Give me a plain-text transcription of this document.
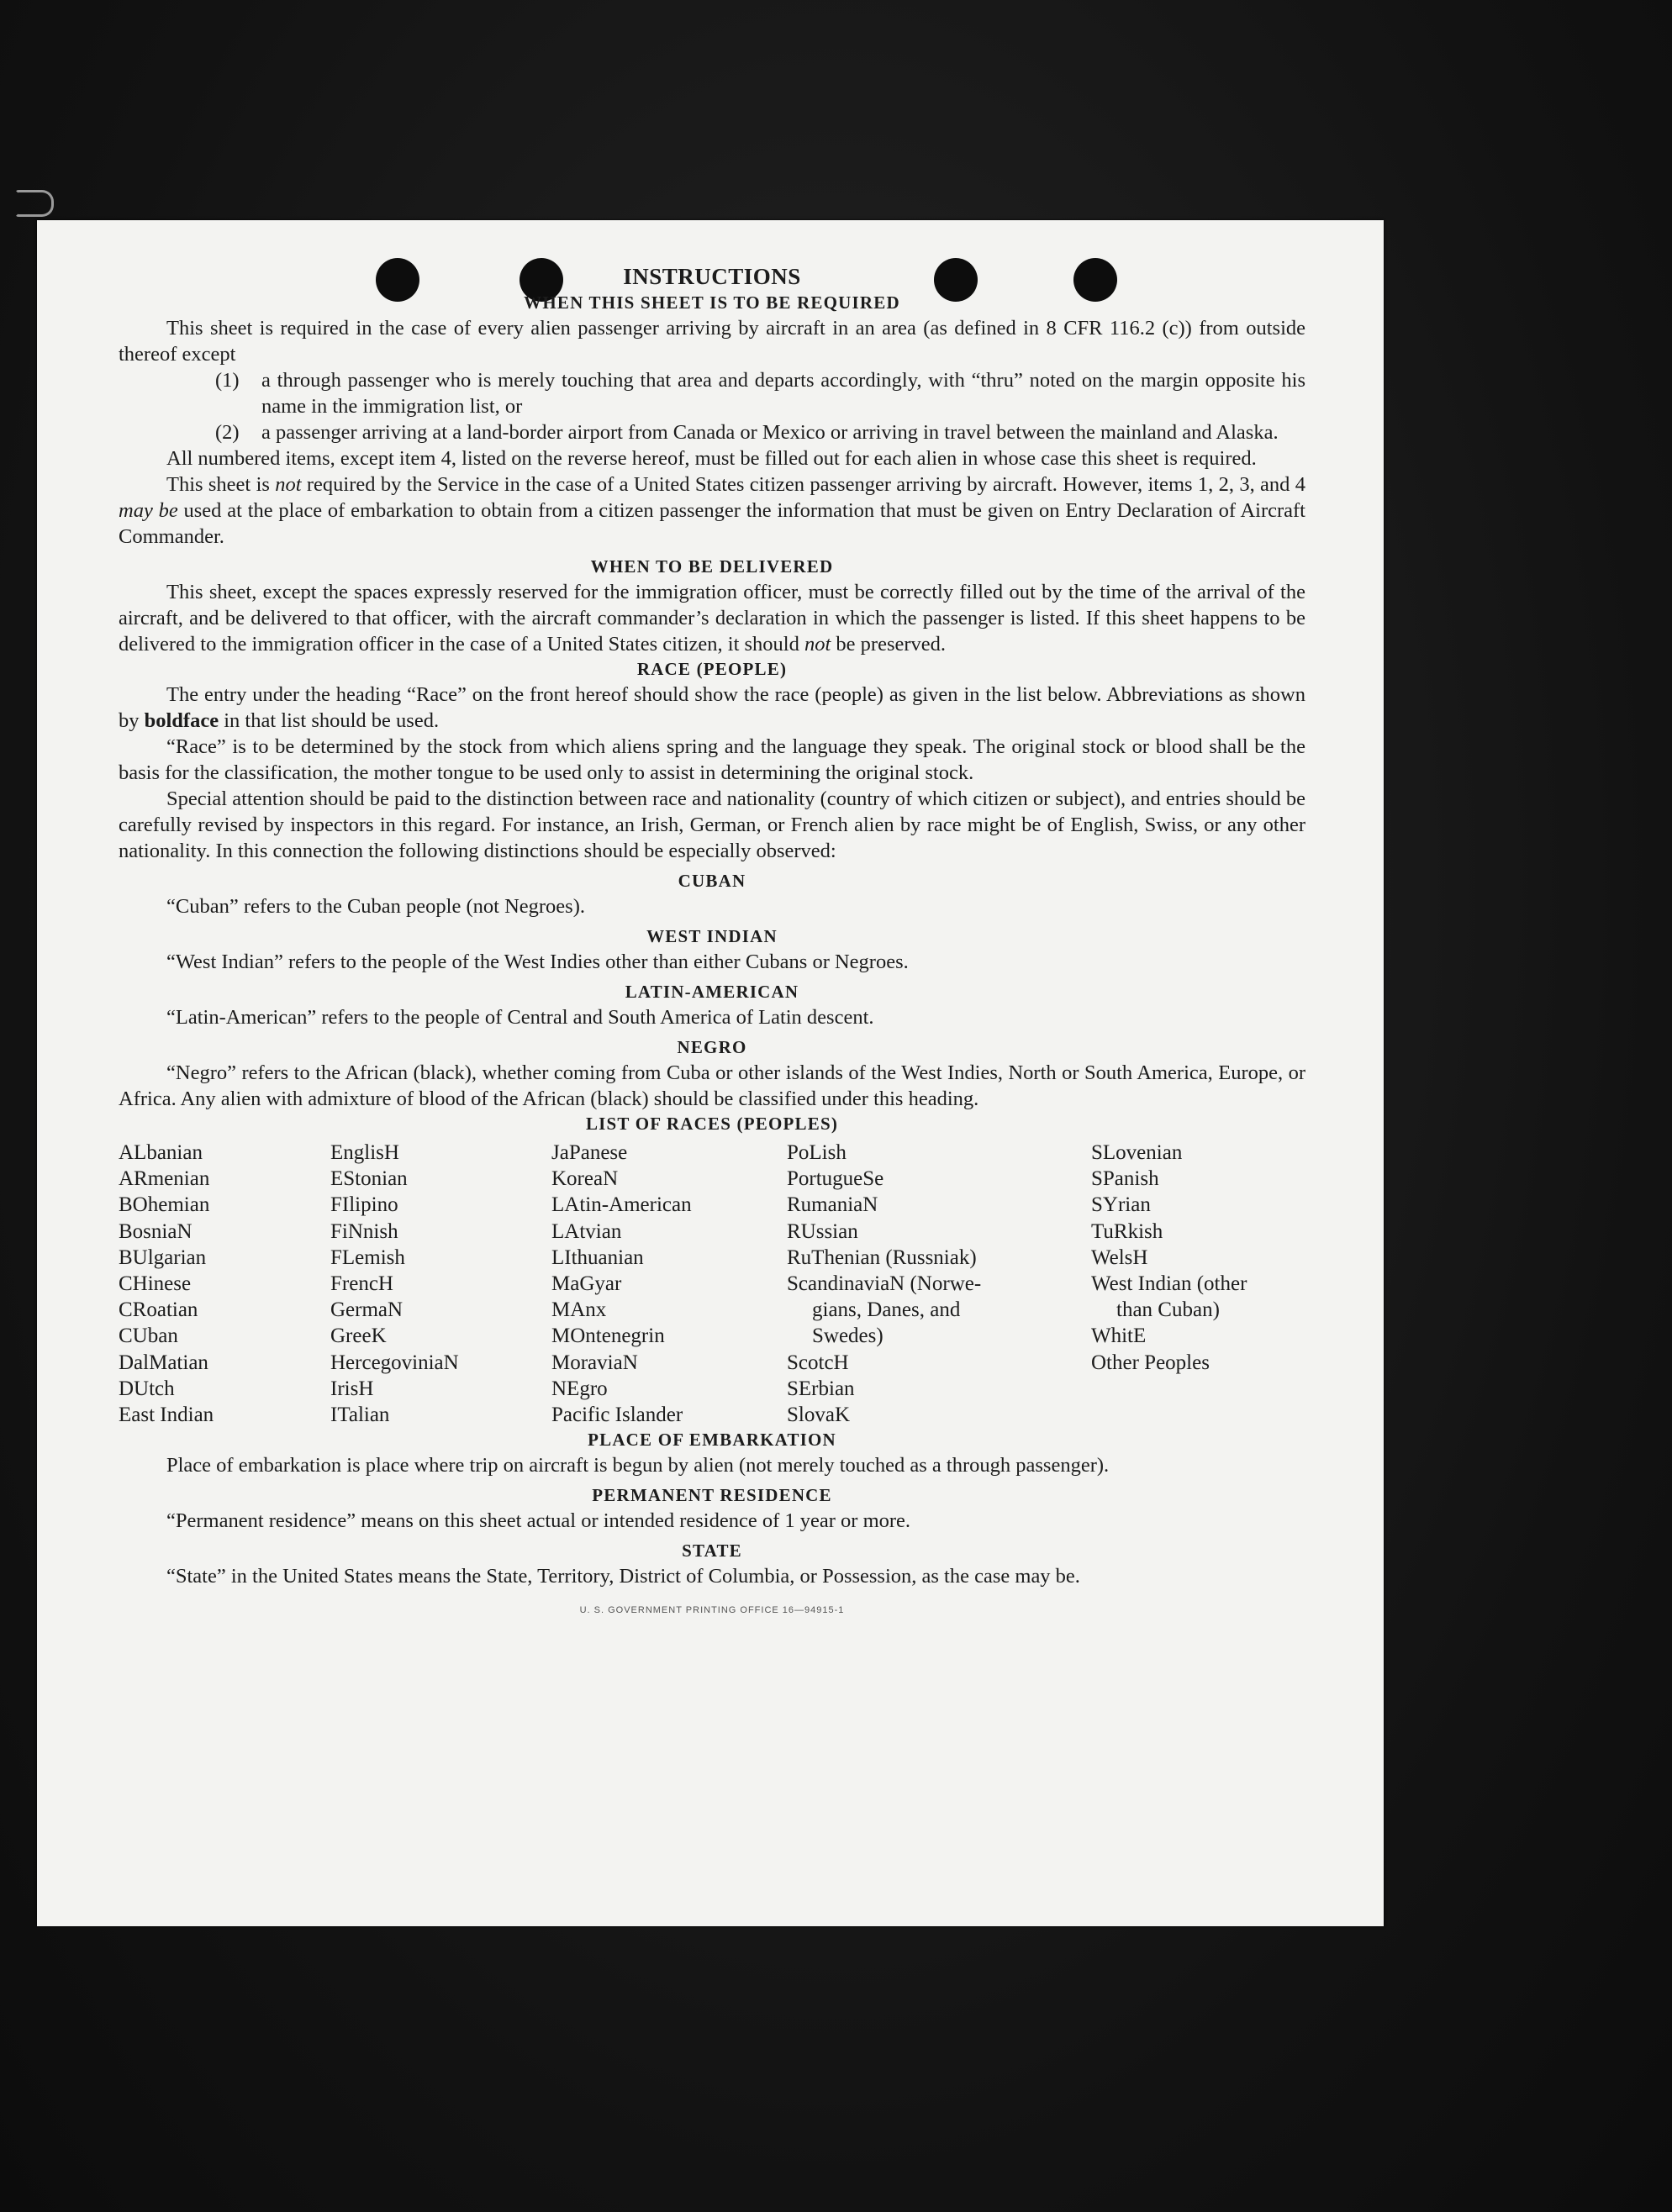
INSTRUCTIONS
WHEN THIS SHEET IS TO BE REQUIRED

This sheet is required in the case of every alien passenger arriving by aircraft in an area (as defined in 8 CFR 116.2 (c)) from outside thereof except

(1)	a through passenger who is merely touching that area and departs accordingly, with “thru” noted on the margin opposite his name in the immigration list, or
(2)	a passenger arriving at a land-border airport from Canada or Mexico or arriving in travel between the mainland and Alaska.

All numbered items, except item 4, listed on the reverse hereof, must be filled out for each alien in whose case this sheet is required.

This sheet is not required by the Service in the case of a United States citizen passenger arriving by aircraft. However, items 1, 2, 3, and 4 may be used at the place of embarkation to obtain from a citizen passenger the information that must be given on Entry Declaration of Aircraft Commander.

WHEN TO BE DELIVERED

This sheet, except the spaces expressly reserved for the immigration officer, must be correctly filled out by the time of the arrival of the aircraft, and be delivered to that officer, with the aircraft commander’s declaration in which the passenger is listed. If this sheet happens to be delivered to the immigration officer in the case of a United States citizen, it should not be preserved.

RACE (PEOPLE)

The entry under the heading “Race” on the front hereof should show the race (people) as given in the list below. Abbreviations as shown by boldface in that list should be used.

“Race” is to be determined by the stock from which aliens spring and the language they speak. The original stock or blood shall be the basis for the classification, the mother tongue to be used only to assist in determining the original stock.

Special attention should be paid to the distinction between race and nationality (country of which citizen or subject), and entries should be carefully revised by inspectors in this regard. For instance, an Irish, German, or French alien by race might be of English, Swiss, or any other nationality. In this connection the following distinctions should be especially observed:

CUBAN

“Cuban” refers to the Cuban people (not Negroes).

WEST INDIAN

“West Indian” refers to the people of the West Indies other than either Cubans or Negroes.

LATIN-AMERICAN

“Latin-American” refers to the people of Central and South America of Latin descent.

NEGRO

“Negro” refers to the African (black), whether coming from Cuba or other islands of the West Indies, North or South America, Europe, or Africa. Any alien with admixture of blood of the African (black) should be classified under this heading.

LIST OF RACES (PEOPLES)
ALbanian
ARmenian
BOhemian
BosniaN
BUlgarian
CHinese
CRoatian
CUban
DalMatian
DUtch
East Indian
EnglisH
EStonian
FIlipino
FiNnish
FLemish
FrencH
GermaN
GreeK
HercegoviniaN
IrisH
ITalian
JaPanese
KoreaN
LAtin-American
LAtvian
LIthuanian
MaGyar
MAnx
MOntenegrin
MoraviaN
NEgro
Pacific Islander
PoLish
PortugueSe
RumaniaN
RUssian
RuThenian (Russniak)
ScandinaviaN (Norwe-
gians, Danes, and
Swedes)
ScotcH
SErbian
SlovaK
SLovenian
SPanish
SYrian
TuRkish
WelsH
West Indian (other
than Cuban)
WhitE
Other Peoples
PLACE OF EMBARKATION

Place of embarkation is place where trip on aircraft is begun by alien (not merely touched as a through passenger).

PERMANENT RESIDENCE

“Permanent residence” means on this sheet actual or intended residence of 1 year or more.

STATE

“State” in the United States means the State, Territory, District of Columbia, or Possession, as the case may be.

U. S. GOVERNMENT PRINTING OFFICE 16—94915-1
